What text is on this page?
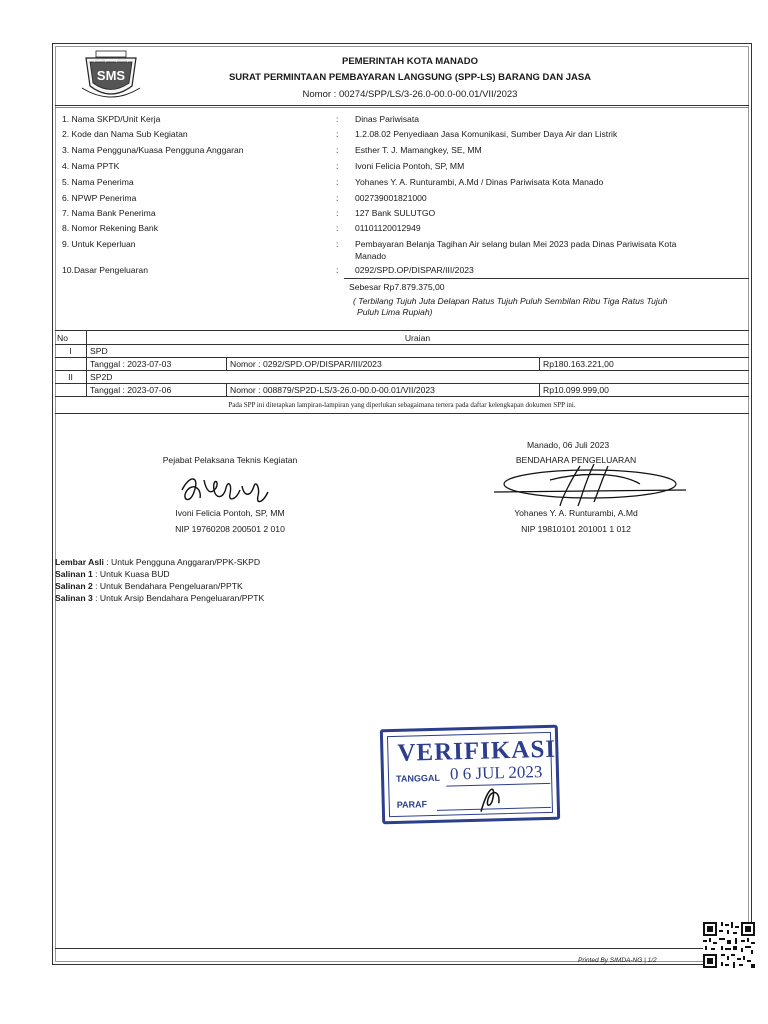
SMS
PEMERINTAH KOTA MANADO
SURAT PERMINTAAN PEMBAYARAN LANGSUNG (SPP-LS) BARANG DAN JASA
Nomor : 00274/SPP/LS/3-26.0-00.0-00.01/VII/2023
1. Nama SKPD/Unit Kerja	: Dinas Pariwisata
2. Kode dan Nama Sub Kegiatan	: 1.2.08.02 Penyediaan Jasa Komunikasi, Sumber Daya Air dan Listrik
3. Nama Pengguna/Kuasa Pengguna Anggaran	: Esther T. J. Mamangkey, SE, MM
4. Nama PPTK	: Ivoni Felicia Pontoh, SP, MM
5. Nama Penerima	: Yohanes Y. A. Runturambi, A.Md / Dinas Pariwisata Kota Manado
6. NPWP Penerima	: 002739001821000
7. Nama Bank Penerima	: 127 Bank SULUTGO
8. Nomor Rekening Bank	: 01101120012949
9. Untuk Keperluan	: Pembayaran Belanja Tagihan Air selang bulan Mei 2023 pada Dinas Pariwisata Kota
Manado
10.Dasar Pengeluaran	: 0292/SPD.OP/DISPAR/III/2023
Sebesar Rp7.879.375,00
( Terbilang Tujuh Juta Delapan Ratus Tujuh Puluh Sembilan Ribu Tiga Ratus Tujuh
Puluh Lima Rupiah)
No	Uraian
I	SPD
Tanggal : 2023-07-03	Nomor : 0292/SPD.OP/DISPAR/III/2023	Rp180.163.221,00
II	SP2D
Tanggal : 2023-07-06	Nomor : 008879/SP2D-LS/3-26.0-00.0-00.01/VII/2023	Rp10.099.999,00
Pada SPP ini ditetapkan lampiran-lampiran yang diperlukan sebagaimana tertera pada daftar kelengkapan dokumen SPP ini.
Manado, 06 Juli 2023
Pejabat Pelaksana Teknis Kegiatan	BENDAHARA PENGELUARAN
Ivoni Felicia Pontoh, SP, MM	Yohanes Y. A. Runturambi, A.Md
NIP 19760208 200501 2 010	NIP 19810101 201001 1 012
Lembar Asli : Untuk Pengguna Anggaran/PPK-SKPD
Salinan 1 : Untuk Kuasa BUD
Salinan 2 : Untuk Bendahara Pengeluaran/PPTK
Salinan 3 : Untuk Arsip Bendahara Pengeluaran/PPTK
VERIFIKASI
TANGGAL 0 6 JUL 2023
PARAF
Printed By SIMDA-NG | 1/2
